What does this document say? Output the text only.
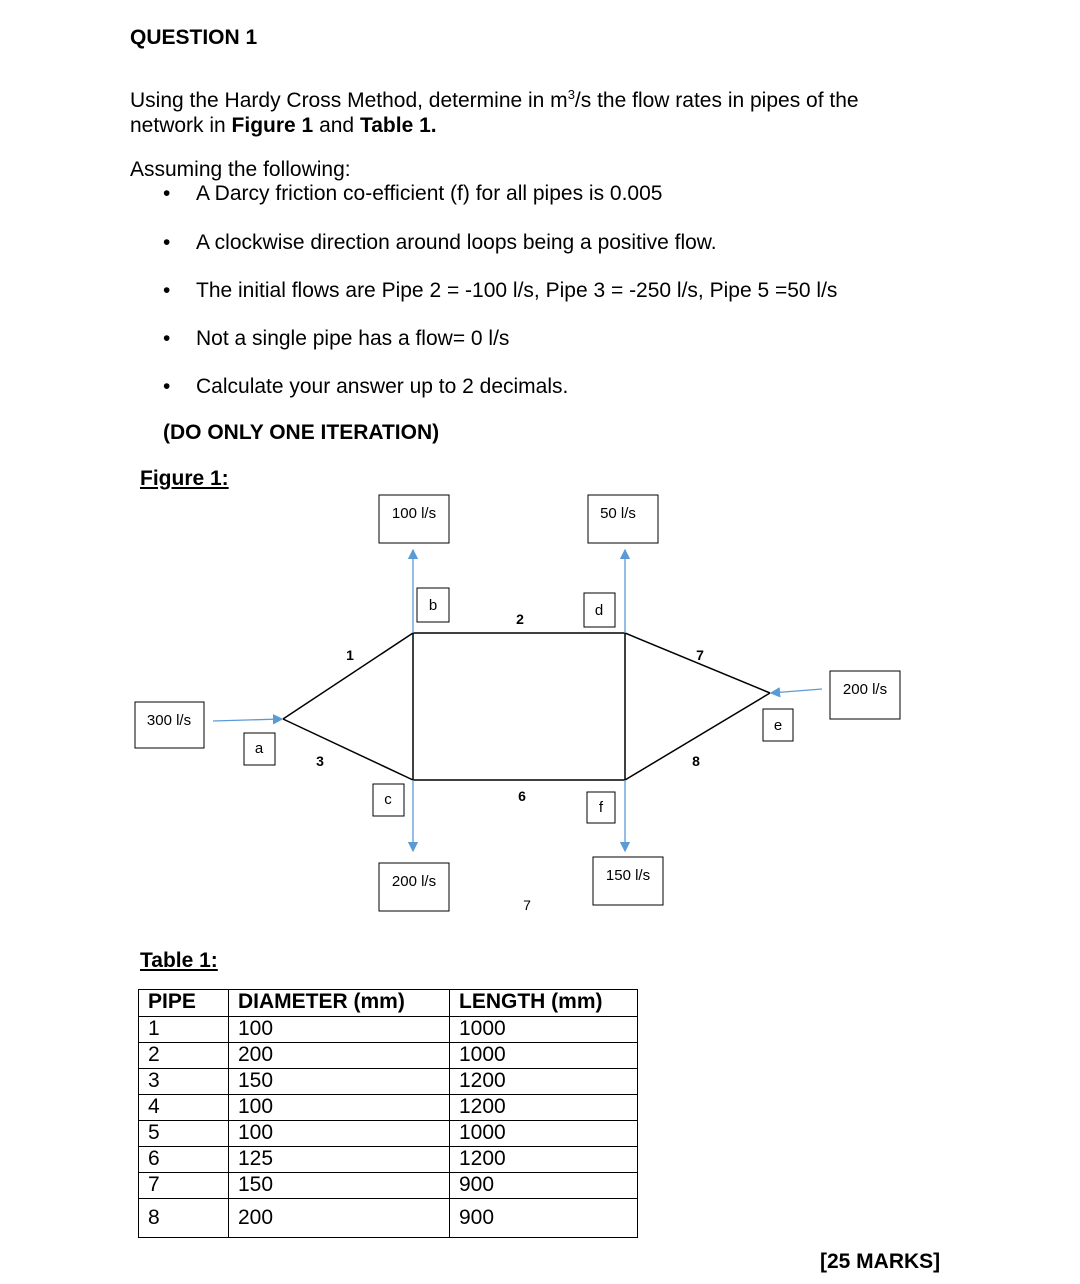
QUESTION 1
Using the Hardy Cross Method, determine in $m^3/s$ the flow rates in pipes of the network in Figure 1 and Table 1.
Assuming the following:
• A Darcy friction co-efficient (f) for all pipes is 0.005
• A clockwise direction around loops being a positive flow.
• The initial flows are Pipe 2 = -100 l/s, Pipe 3 = -250 l/s, Pipe 5 =50 l/s
• Not a single pipe has a flow= 0 l/s
• Calculate your answer up to 2 decimals.
(DO ONLY ONE ITERATION)
Figure 1:
300 l/s
100 l/s	50 l/s
200 l/s
200 l/s	150 l/s
a
b
c
d
e
f
1
2
3
6
7
8
7
Table 1:
PIPE	DIAMETER (mm)	LENGTH (mm)
1	100	1000
2	200	1000
3	150	1200
4	100	1200
5	100	1000
6	125	1200
7	150	900
8	200	900
[25 MARKS]
